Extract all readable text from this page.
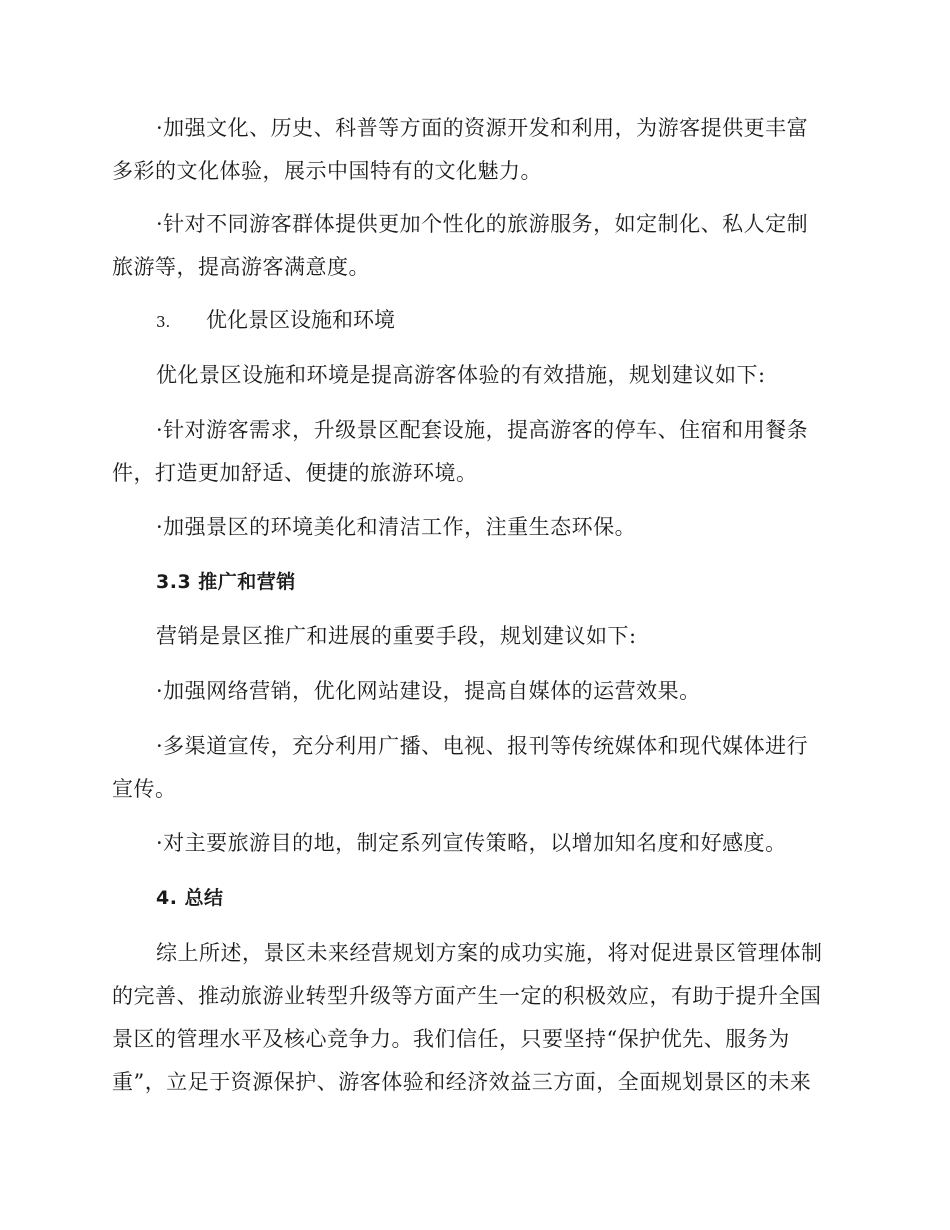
·加强文化、历史、科普等方面的资源开发和利用，为游客提供更丰富多彩的文化体验，展示中国特有的文化魅力。

·针对不同游客群体提供更加个性化的旅游服务，如定制化、私人定制旅游等，提高游客满意度。

3. 优化景区设施和环境

优化景区设施和环境是提高游客体验的有效措施，规划建议如下:

·针对游客需求，升级景区配套设施，提高游客的停车、住宿和用餐条件，打造更加舒适、便捷的旅游环境。

·加强景区的环境美化和清洁工作，注重生态环保。

3.3 推广和营销

营销是景区推广和进展的重要手段，规划建议如下:

·加强网络营销，优化网站建设，提高自媒体的运营效果。

·多渠道宣传，充分利用广播、电视、报刊等传统媒体和现代媒体进行宣传。

·对主要旅游目的地，制定系列宣传策略，以增加知名度和好感度。

4. 总结

综上所述，景区未来经营规划方案的成功实施，将对促进景区管理体制的完善、推动旅游业转型升级等方面产生一定的积极效应，有助于提升全国景区的管理水平及核心竞争力。我们信任，只要坚持“保护优先、服务为重”，立足于资源保护、游客体验和经济效益三方面，全面规划景区的未来
